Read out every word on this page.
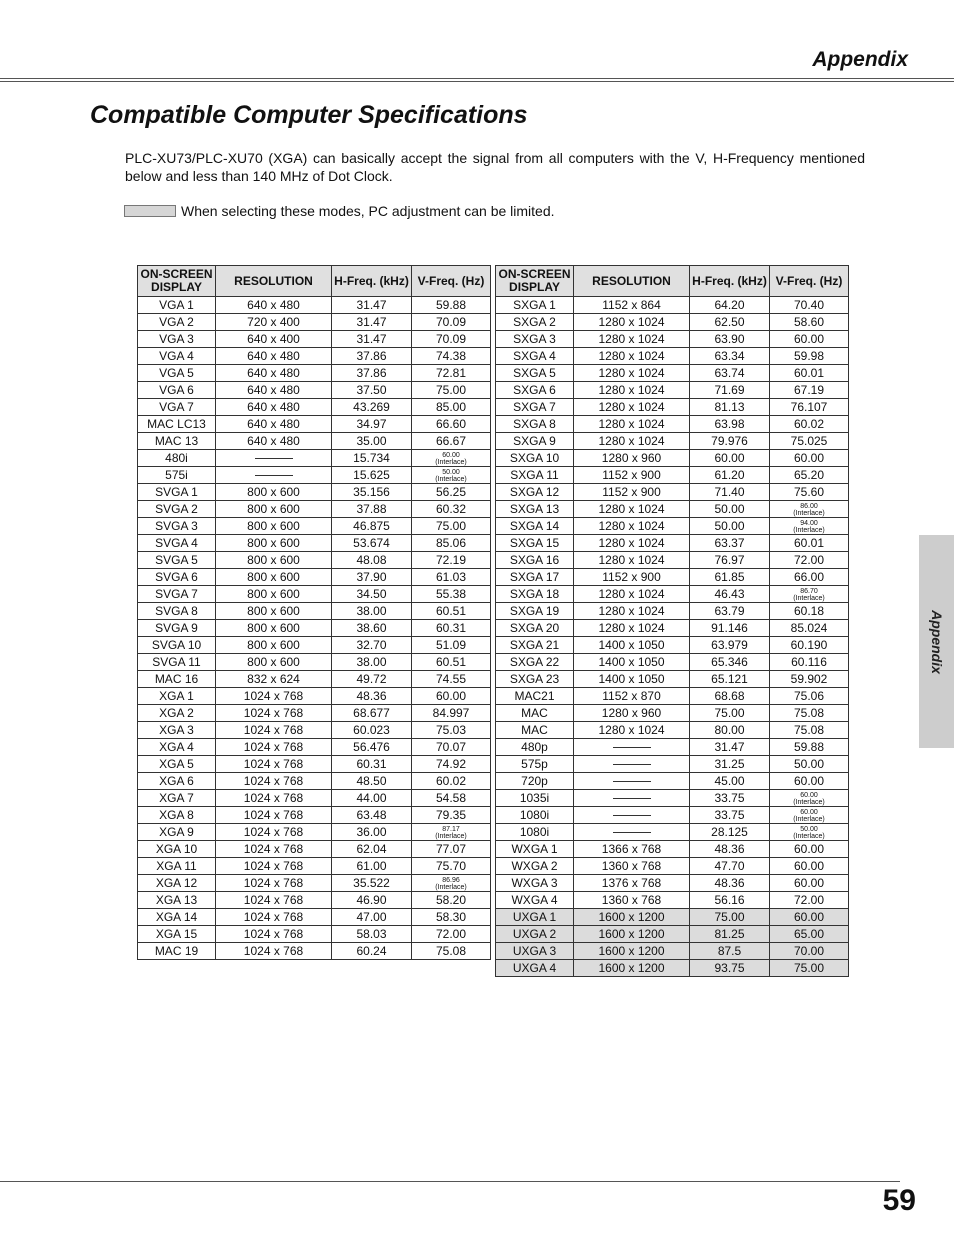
Appendix
Compatible Computer Specifications
PLC-XU73/PLC-XU70 (XGA) can basically accept the signal from all computers with the V, H-Frequency mentioned below and less than 140 MHz of Dot Clock.
When selecting these modes, PC adjustment can be limited.
ON-SCREEN DISPLAY	RESOLUTION	H-Freq. (kHz)	V-Freq. (Hz)
VGA 1	640 x 480	31.47	59.88
VGA 2	720 x 400	31.47	70.09
VGA 3	640 x 400	31.47	70.09
VGA 4	640 x 480	37.86	74.38
VGA 5	640 x 480	37.86	72.81
VGA 6	640 x 480	37.50	75.00
VGA 7	640 x 480	43.269	85.00
MAC LC13	640 x 480	34.97	66.60
MAC 13	640 x 480	35.00	66.67
480i		15.734	60.00
(Interlace)

575i		15.625	50.00
(Interlace)

SVGA 1	800 x 600	35.156	56.25
SVGA 2	800 x 600	37.88	60.32
SVGA 3	800 x 600	46.875	75.00
SVGA 4	800 x 600	53.674	85.06
SVGA 5	800 x 600	48.08	72.19
SVGA 6	800 x 600	37.90	61.03
SVGA 7	800 x 600	34.50	55.38
SVGA 8	800 x 600	38.00	60.51
SVGA 9	800 x 600	38.60	60.31
SVGA 10	800 x 600	32.70	51.09
SVGA 11	800 x 600	38.00	60.51
MAC 16	832 x 624	49.72	74.55
XGA 1	1024 x 768	48.36	60.00
XGA 2	1024 x 768	68.677	84.997
XGA 3	1024 x 768	60.023	75.03
XGA 4	1024 x 768	56.476	70.07
XGA 5	1024 x 768	60.31	74.92
XGA 6	1024 x 768	48.50	60.02
XGA 7	1024 x 768	44.00	54.58
XGA 8	1024 x 768	63.48	79.35
XGA 9	1024 x 768	36.00	87.17
(Interlace)

XGA 10	1024 x 768	62.04	77.07
XGA 11	1024 x 768	61.00	75.70
XGA 12	1024 x 768	35.522	86.96
(Interlace)

XGA 13	1024 x 768	46.90	58.20
XGA 14	1024 x 768	47.00	58.30
XGA 15	1024 x 768	58.03	72.00
MAC 19	1024 x 768	60.24	75.08
ON-SCREEN DISPLAY	RESOLUTION	H-Freq. (kHz)	V-Freq. (Hz)
SXGA 1	1152 x 864	64.20	70.40
SXGA 2	1280 x 1024	62.50	58.60
SXGA 3	1280 x 1024	63.90	60.00
SXGA 4	1280 x 1024	63.34	59.98
SXGA 5	1280 x 1024	63.74	60.01
SXGA 6	1280 x 1024	71.69	67.19
SXGA 7	1280 x 1024	81.13	76.107
SXGA 8	1280 x 1024	63.98	60.02
SXGA 9	1280 x 1024	79.976	75.025
SXGA 10	1280 x 960	60.00	60.00
SXGA 11	1152 x 900	61.20	65.20
SXGA 12	1152 x 900	71.40	75.60
SXGA 13	1280 x 1024	50.00	86.00
(Interlace)

SXGA 14	1280 x 1024	50.00	94.00
(Interlace)

SXGA 15	1280 x 1024	63.37	60.01
SXGA 16	1280 x 1024	76.97	72.00
SXGA 17	1152 x 900	61.85	66.00
SXGA 18	1280 x 1024	46.43	86.70
(Interlace)

SXGA 19	1280 x 1024	63.79	60.18
SXGA 20	1280 x 1024	91.146	85.024
SXGA 21	1400 x 1050	63.979	60.190
SXGA 22	1400 x 1050	65.346	60.116
SXGA 23	1400 x 1050	65.121	59.902
MAC21	1152 x 870	68.68	75.06
MAC	1280 x 960	75.00	75.08
MAC	1280 x 1024	80.00	75.08
480p		31.47	59.88
575p		31.25	50.00
720p		45.00	60.00
1035i		33.75	60.00
(Interlace)

1080i		33.75	60.00
(Interlace)

1080i		28.125	50.00
(Interlace)

WXGA 1	1366 x 768	48.36	60.00
WXGA 2	1360 x 768	47.70	60.00
WXGA 3	1376 x 768	48.36	60.00
WXGA 4	1360 x 768	56.16	72.00
UXGA 1	1600 x 1200	75.00	60.00
UXGA 2	1600 x 1200	81.25	65.00
UXGA 3	1600 x 1200	87.5	70.00
UXGA 4	1600 x 1200	93.75	75.00
Appendix
59
